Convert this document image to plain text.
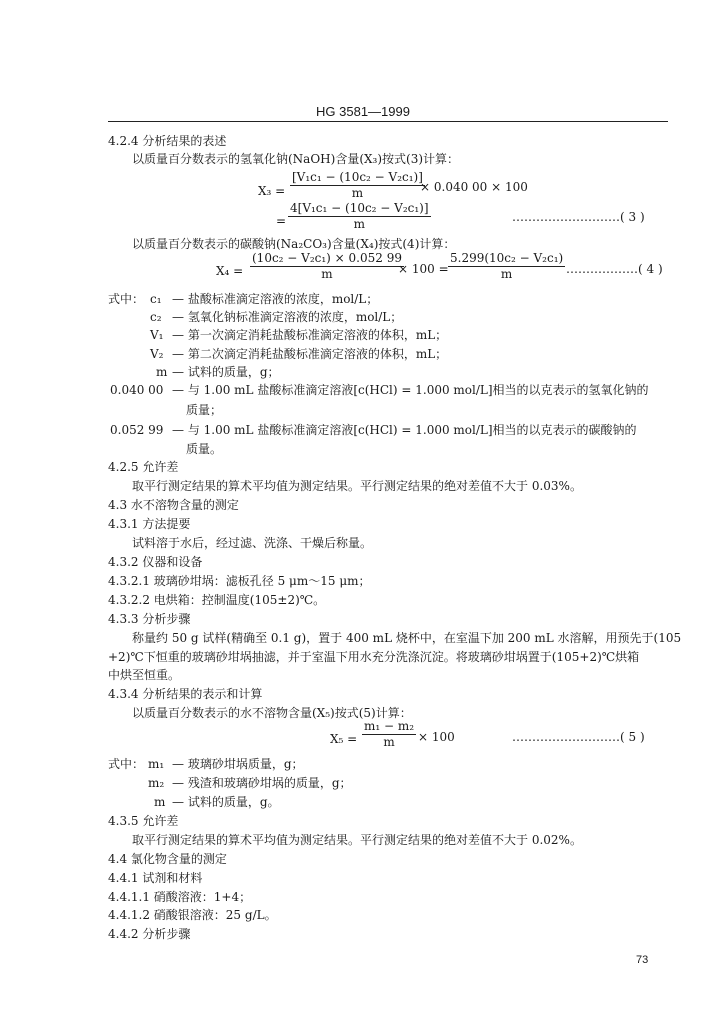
HG 3581—1999
4.2.4 分析结果的表述
以质量百分数表示的氢氧化钠(NaOH)含量(X₃)按式(3)计算：
$X_3 = \frac{\text{[V₁c₁ − (10c₂ − V₂c₁)]}}{m}$
× 0.040 00 × 100
= $\frac{\text{4[V₁c₁ − (10c₂ − V₂c₁)]}}{m}$	………………………( 3 )
以质量百分数表示的碳酸钠(Na₂CO₃)含量(X₄)按式(4)计算：
$X_4 = \frac{\text{(10c₂ − V₂c₁) × 0.052 99}}{m}$
× $100 = \frac{\text{5.299(10c₂ − V₂c₁)}}{m}$ ………………( 4 )
式中： c₁ — 盐酸标准滴定溶液的浓度，mol/L；
c₂ — 氢氧化钠标准滴定溶液的浓度，mol/L；
V₁ — 第一次滴定消耗盐酸标准滴定溶液的体积，mL；
V₂ — 第二次滴定消耗盐酸标准滴定溶液的体积，mL；
m — 试料的质量，g；
0.040 00 — 与 1.00 mL 盐酸标准滴定溶液[c(HCl) = 1.000 mol/L]相当的以克表示的氢氧化钠的
质量；
0.052 99 — 与 1.00 mL 盐酸标准滴定溶液[c(HCl) = 1.000 mol/L]相当的以克表示的碳酸钠的
质量。
4.2.5 允许差
取平行测定结果的算术平均值为测定结果。平行测定结果的绝对差值不大于 0.03%。
4.3 水不溶物含量的测定
4.3.1 方法提要
试料溶于水后，经过滤、洗涤、干燥后称量。
4.3.2 仪器和设备
4.3.2.1 玻璃砂坩埚：滤板孔径 5 μm～15 μm；
4.3.2.2 电烘箱：控制温度(105±2)℃。
4.3.3 分析步骤
称量约 50 g 试样(精确至 0.1 g)，置于 400 mL 烧杯中，在室温下加 200 mL 水溶解，用预先于(105
+2)℃下恒重的玻璃砂坩埚抽滤，并于室温下用水充分洗涤沉淀。将玻璃砂坩埚置于(105+2)℃烘箱
中烘至恒重。
4.3.4 分析结果的表示和计算
以质量百分数表示的水不溶物含量(X₅)按式(5)计算：
$X_5 = \frac{\text{m₁ − m₂}}{m} \times 100$	………………………( 5 )
式中： m₁ — 玻璃砂坩埚质量，g；
m₂ — 残渣和玻璃砂坩埚的质量，g；
m — 试料的质量，g。
4.3.5 允许差
取平行测定结果的算术平均值为测定结果。平行测定结果的绝对差值不大于 0.02%。
4.4 氯化物含量的测定
4.4.1 试剂和材料
4.4.1.1 硝酸溶液：1+4；
4.4.1.2 硝酸银溶液：25 g/L。
4.4.2 分析步骤
73
